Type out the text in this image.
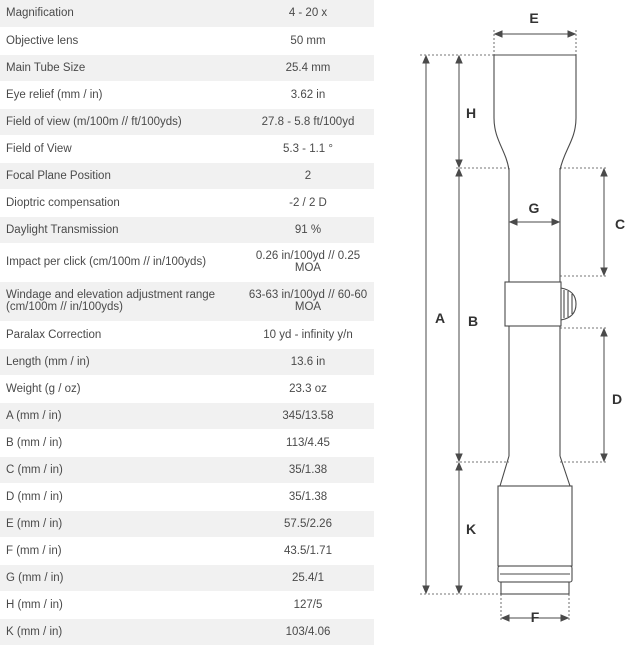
Magnification	4 - 20 x
Objective lens	50 mm
Main Tube Size	25.4 mm
Eye relief (mm / in)	3.62 in
Field of view (m/100m // ft/100yds)	27.8 - 5.8 ft/100yd
Field of View	5.3 - 1.1 °
Focal Plane Position	2
Dioptric compensation	-2 / 2 D
Daylight Transmission	91 %
Impact per click (cm/100m // in/100yds)	0.26 in/100yd // 0.25 MOA
Windage and elevation adjustment range (cm/100m // in/100yds)	63-63 in/100yd // 60-60 MOA
Paralax Correction	10 yd - infinity y/n
Length (mm / in)	13.6 in
Weight (g / oz)	23.3 oz
A (mm / in)	345/13.58
B (mm / in)	113/4.45
C (mm / in)	35/1.38
D (mm / in)	35/1.38
E (mm / in)	57.5/2.26
F (mm / in)	43.5/1.71
G (mm / in)	25.4/1
H (mm / in)	127/5
K (mm / in)	103/4.06
E
H
G
C
A B
D
K
F
